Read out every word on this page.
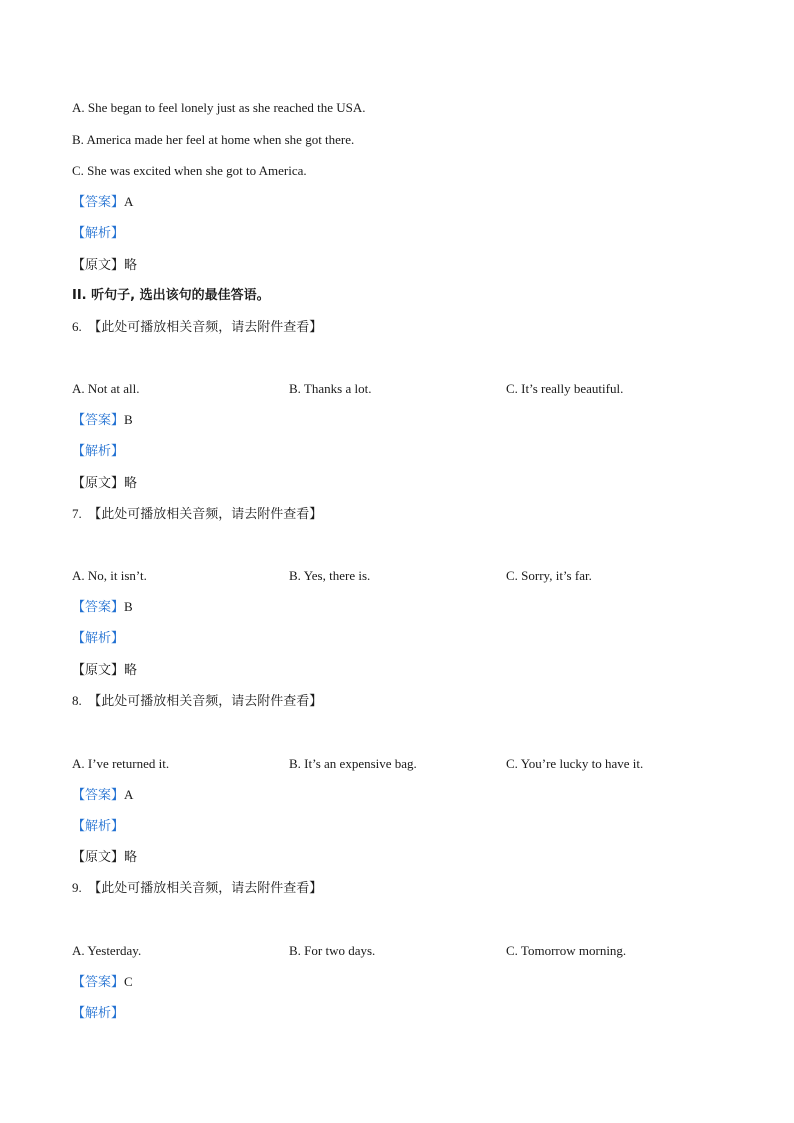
A. She began to feel lonely just as she reached the USA.
B. America made her feel at home when she got there.
C. She was excited when she got to America.
【答案】A
【解析】
【原文】略
II. 听句子, 选出该句的最佳答语。
6. 【此处可播放相关音频，请去附件查看】
A. Not at all.	B. Thanks a lot.	C. It’s really beautiful.
【答案】B
【解析】
【原文】略
7. 【此处可播放相关音频，请去附件查看】
A. No, it isn’t.	B. Yes, there is.	C. Sorry, it’s far.
【答案】B
【解析】
【原文】略
8. 【此处可播放相关音频，请去附件查看】
A. I’ve returned it.	B. It’s an expensive bag.	C. You’re lucky to have it.
【答案】A
【解析】
【原文】略
9. 【此处可播放相关音频，请去附件查看】
A. Yesterday.	B. For two days.	C. Tomorrow morning.
【答案】C
【解析】
